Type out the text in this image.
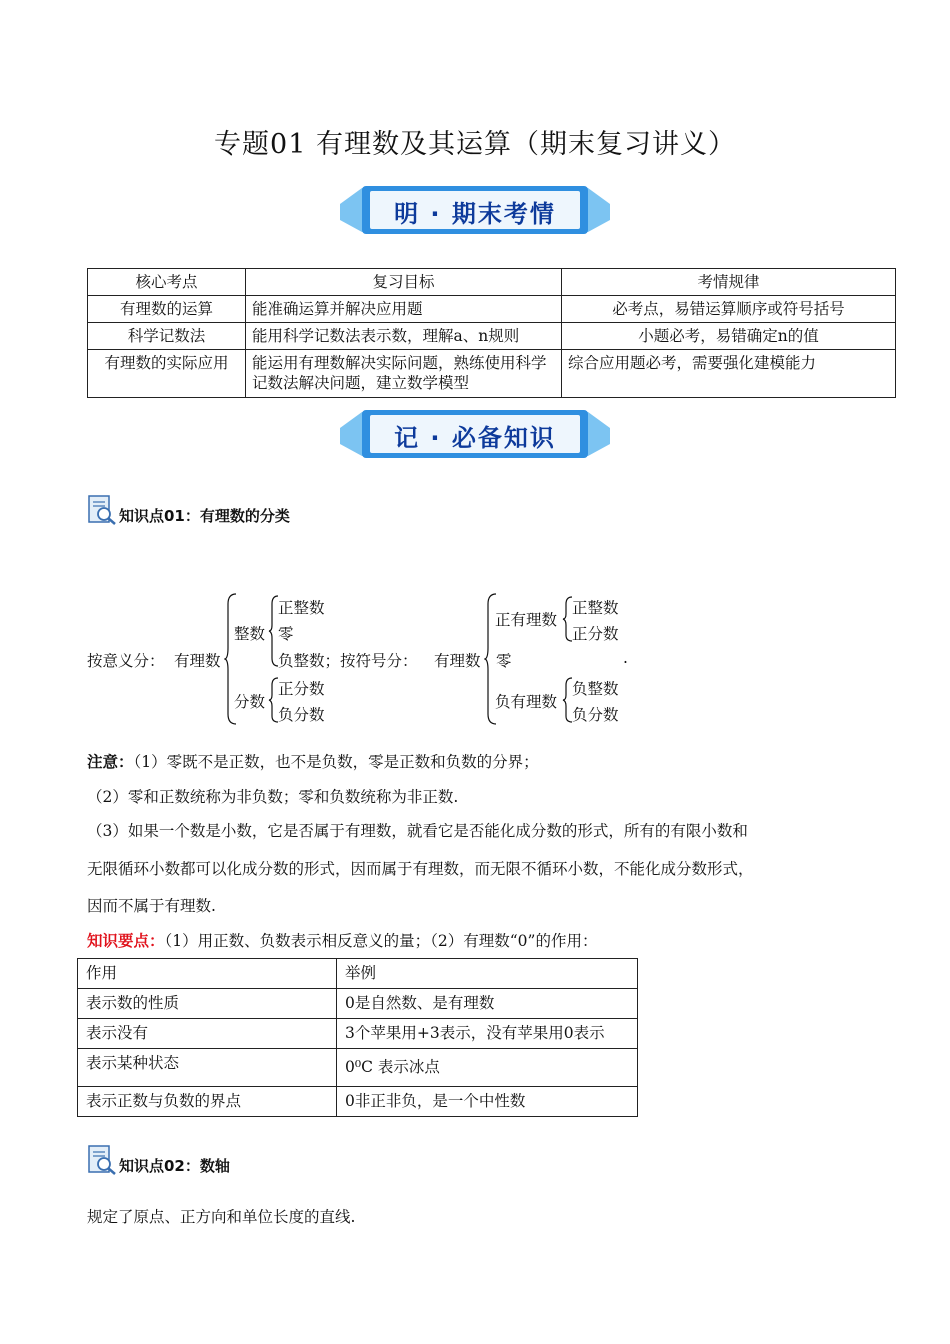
专题01 有理数及其运算（期末复习讲义）
明 · 期末考情
核心考点	复习目标	考情规律
有理数的运算	能准确运算并解决应用题	必考点，易错运算顺序或符号括号
科学记数法	能用科学记数法表示数，理解a、n规则	小题必考，易错确定n的值
有理数的实际应用	能运用有理数解决实际问题，熟练使用科学记数法解决问题，建立数学模型	综合应用题必考，需要强化建模能力
记 · 必备知识
知识点01：有理数的分类
按意义分： 有理数
整数
正整数
零
负整数；按符号分：
分数
正分数
负分数
有理数
正有理数
正整数
正分数
零	.
负有理数
负整数
负分数
注意：（1）零既不是正数，也不是负数，零是正数和负数的分界；
（2）零和正数统称为非负数；零和负数统称为非正数.
（3）如果一个数是小数，它是否属于有理数，就看它是否能化成分数的形式，所有的有限小数和
无限循环小数都可以化成分数的形式，因而属于有理数，而无限不循环小数，不能化成分数形式，
因而不属于有理数.
知识要点：（1）用正数、负数表示相反意义的量；（2）有理数“0”的作用：
作用	举例
表示数的性质	0是自然数、是有理数
表示没有	3个苹果用+3表示，没有苹果用0表示
表示某种状态	0⁰C 表示冰点
表示正数与负数的界点	0非正非负，是一个中性数
知识点02：数轴
规定了原点、正方向和单位长度的直线.
